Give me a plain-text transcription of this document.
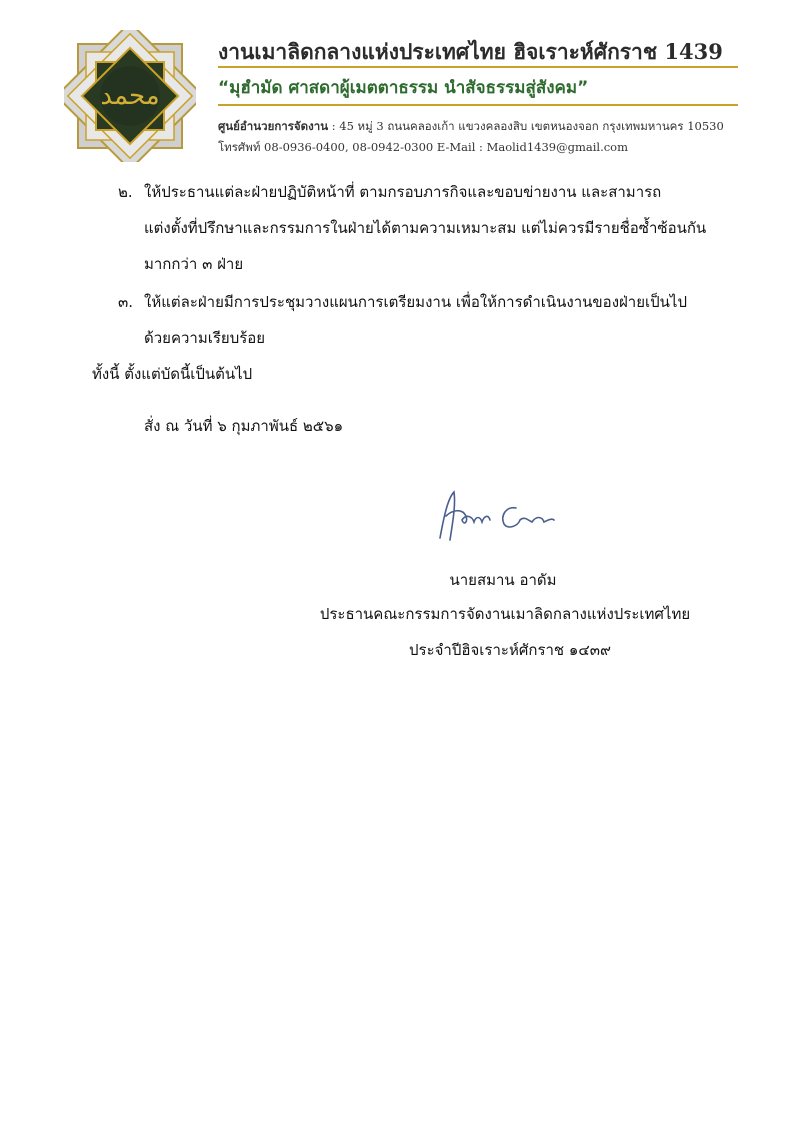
محمد
งานเมาลิดกลางแห่งประเทศไทย ฮิจเราะห์ศักราช 1439
“มุฮำมัด ศาสดาผู้เมตตาธรรม นำสัจธรรมสู่สังคม”
ศูนย์อำนวยการจัดงาน : 45 หมู่ 3 ถนนคลองเก้า แขวงคลองสิบ เขตหนองจอก กรุงเทพมหานคร 10530
โทรศัพท์ 08-0936-0400, 08-0942-0300 E-Mail : Maolid1439@gmail.com
๒. ให้ประธานแต่ละฝ่ายปฏิบัติหน้าที่ ตามกรอบภารกิจและขอบข่ายงาน และสามารถ
แต่งตั้งที่ปรึกษาและกรรมการในฝ่ายได้ตามความเหมาะสม แต่ไม่ควรมีรายชื่อซ้ำซ้อนกัน
มากกว่า ๓ ฝ่าย
๓. ให้แต่ละฝ่ายมีการประชุมวางแผนการเตรียมงาน เพื่อให้การดำเนินงานของฝ่ายเป็นไป
ด้วยความเรียบร้อย
ทั้งนี้ ตั้งแต่บัดนี้เป็นต้นไป
สั่ง ณ วันที่ ๖ กุมภาพันธ์ ๒๕๖๑
นายสมาน อาดัม
ประธานคณะกรรมการจัดงานเมาลิดกลางแห่งประเทศไทย
ประจำปีฮิจเราะห์ศักราช ๑๔๓๙
